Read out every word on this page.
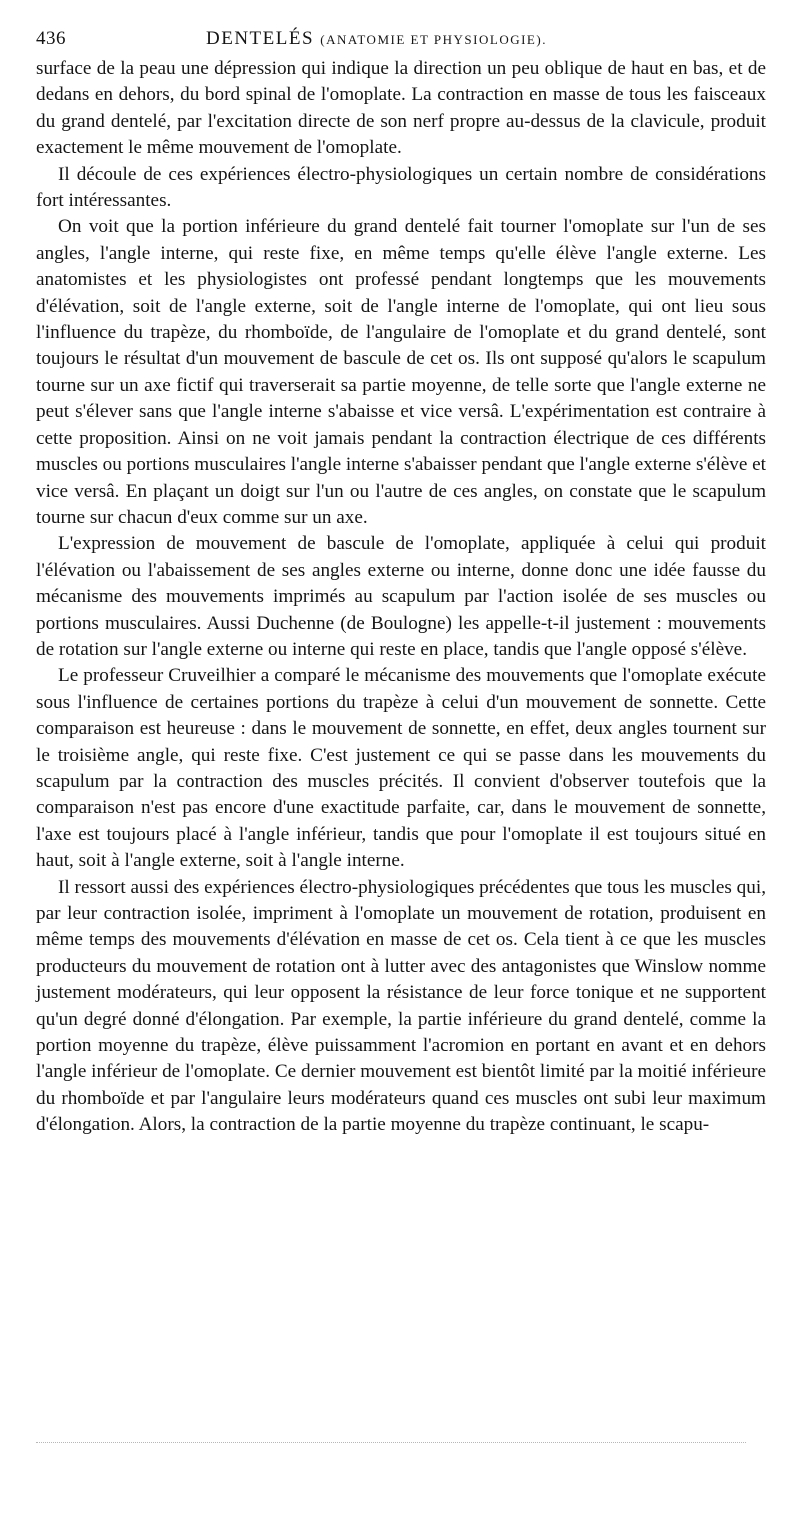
436	DENTELÉS (ANATOMIE ET PHYSIOLOGIE).

surface de la peau une dépression qui indique la direction un peu oblique de haut en bas, et de dedans en dehors, du bord spinal de l'omoplate. La contraction en masse de tous les faisceaux du grand dentelé, par l'excitation directe de son nerf propre au-dessus de la clavicule, produit exactement le même mouvement de l'omoplate.

Il découle de ces expériences électro-physiologiques un certain nombre de considérations fort intéressantes.

On voit que la portion inférieure du grand dentelé fait tourner l'omoplate sur l'un de ses angles, l'angle interne, qui reste fixe, en même temps qu'elle élève l'angle externe. Les anatomistes et les physiologistes ont professé pendant longtemps que les mouvements d'élévation, soit de l'angle externe, soit de l'angle interne de l'omoplate, qui ont lieu sous l'influence du trapèze, du rhomboïde, de l'angulaire de l'omoplate et du grand dentelé, sont toujours le résultat d'un mouvement de bascule de cet os. Ils ont supposé qu'alors le scapulum tourne sur un axe fictif qui traverserait sa partie moyenne, de telle sorte que l'angle externe ne peut s'élever sans que l'angle interne s'abaisse et vice versâ. L'expérimentation est contraire à cette proposition. Ainsi on ne voit jamais pendant la contraction électrique de ces différents muscles ou portions musculaires l'angle interne s'abaisser pendant que l'angle externe s'élève et vice versâ. En plaçant un doigt sur l'un ou l'autre de ces angles, on constate que le scapulum tourne sur chacun d'eux comme sur un axe.

L'expression de mouvement de bascule de l'omoplate, appliquée à celui qui produit l'élévation ou l'abaissement de ses angles externe ou interne, donne donc une idée fausse du mécanisme des mouvements imprimés au scapulum par l'action isolée de ses muscles ou portions musculaires. Aussi Duchenne (de Boulogne) les appelle-t-il justement : mouvements de rotation sur l'angle externe ou interne qui reste en place, tandis que l'angle opposé s'élève.

Le professeur Cruveilhier a comparé le mécanisme des mouvements que l'omoplate exécute sous l'influence de certaines portions du trapèze à celui d'un mouvement de sonnette. Cette comparaison est heureuse : dans le mouvement de sonnette, en effet, deux angles tournent sur le troisième angle, qui reste fixe. C'est justement ce qui se passe dans les mouvements du scapulum par la contraction des muscles précités. Il convient d'observer toutefois que la comparaison n'est pas encore d'une exactitude parfaite, car, dans le mouvement de sonnette, l'axe est toujours placé à l'angle inférieur, tandis que pour l'omoplate il est toujours situé en haut, soit à l'angle externe, soit à l'angle interne.

Il ressort aussi des expériences électro-physiologiques précédentes que tous les muscles qui, par leur contraction isolée, impriment à l'omoplate un mouvement de rotation, produisent en même temps des mouvements d'élévation en masse de cet os. Cela tient à ce que les muscles producteurs du mouvement de rotation ont à lutter avec des antagonistes que Winslow nomme justement modérateurs, qui leur opposent la résistance de leur force tonique et ne supportent qu'un degré donné d'élongation. Par exemple, la partie inférieure du grand dentelé, comme la portion moyenne du trapèze, élève puissamment l'acromion en portant en avant et en dehors l'angle inférieur de l'omoplate. Ce dernier mouvement est bientôt limité par la moitié inférieure du rhomboïde et par l'angulaire leurs modérateurs quand ces muscles ont subi leur maximum d'élongation. Alors, la contraction de la partie moyenne du trapèze continuant, le scapu-
